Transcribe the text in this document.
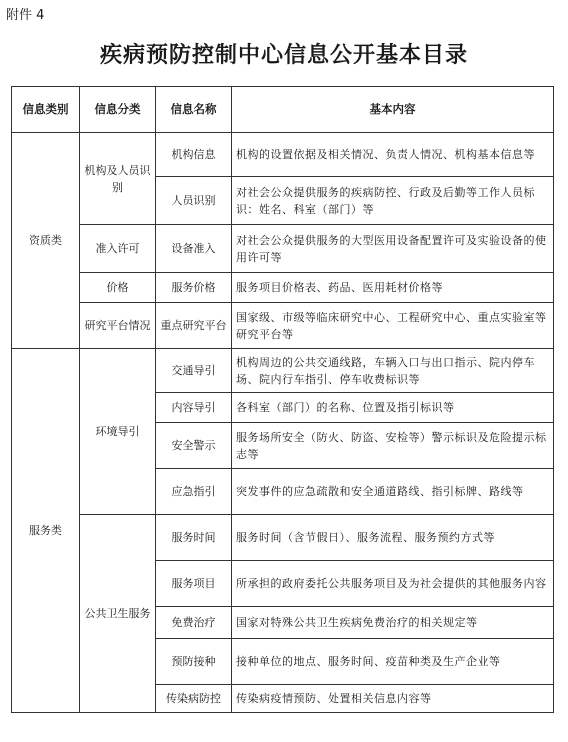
附件 4
疾病预防控制中心信息公开基本目录
信息类别	信息分类	信息名称	基本内容
资质类	机构及人员识别	机构信息	机构的设置依据及相关情况、负责人情况、机构基本信息等
		人员识别	对社会公众提供服务的疾病防控、行政及后勤等工作人员标识：姓名、科室（部门）等
	准入许可	设备准入	对社会公众提供服务的大型医用设备配置许可及实验设备的使用许可等
	价格	服务价格	服务项目价格表、药品、医用耗材价格等
	研究平台情况	重点研究平台	国家级、市级等临床研究中心、工程研究中心、重点实验室等研究平台等
服务类	环境导引	交通导引	机构周边的公共交通线路，车辆入口与出口指示、院内停车场、院内行车指引、停车收费标识等
		内容导引	各科室（部门）的名称、位置及指引标识等
		安全警示	服务场所安全（防火、防盗、安检等）警示标识及危险提示标志等
		应急指引	突发事件的应急疏散和安全通道路线、指引标牌、路线等
	公共卫生服务	服务时间	服务时间（含节假日）、服务流程、服务预约方式等
		服务项目	所承担的政府委托公共服务项目及为社会提供的其他服务内容
		免费治疗	国家对特殊公共卫生疾病免费治疗的相关规定等
		预防接种	接种单位的地点、服务时间、疫苗种类及生产企业等
		传染病防控	传染病疫情预防、处置相关信息内容等
